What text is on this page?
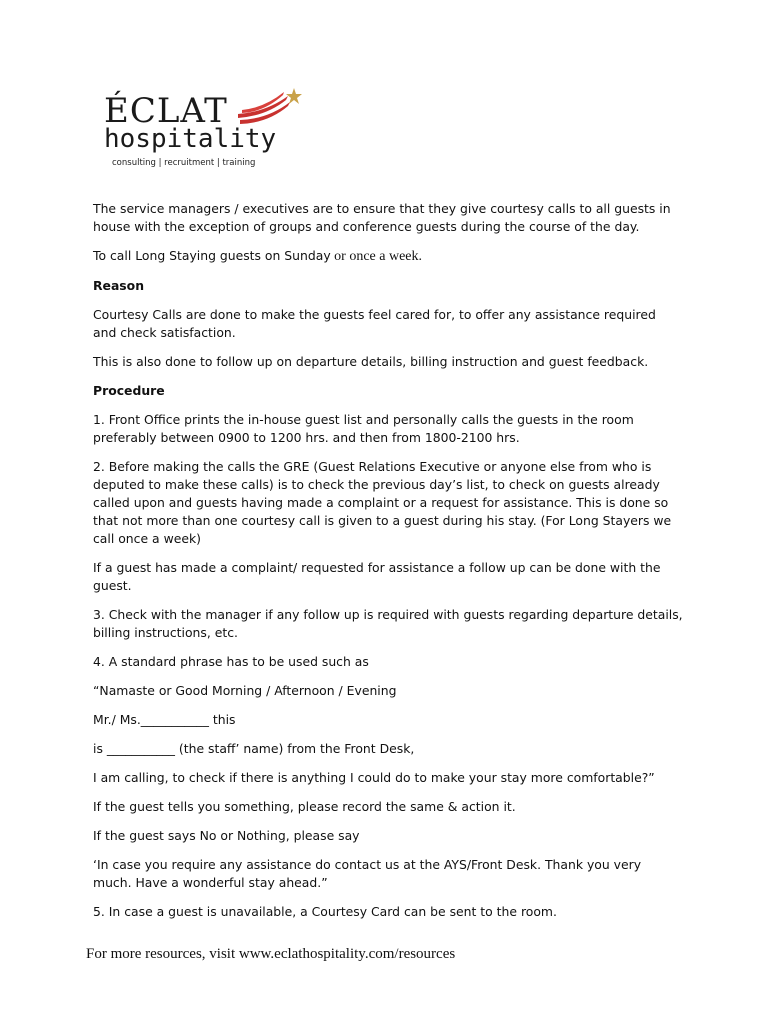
ÉCLAT
hospitality
consulting | recruitment | training

The service managers / executives are to ensure that they give courtesy calls to all guests in house with the exception of groups and conference guests during the course of the day.

To call Long Staying guests on Sunday or once a week.

Reason

Courtesy Calls are done to make the guests feel cared for, to offer any assistance required and check satisfaction.

This is also done to follow up on departure details, billing instruction and guest feedback.

Procedure

1. Front Office prints the in-house guest list and personally calls the guests in the room preferably between 0900 to 1200 hrs. and then from 1800-2100 hrs.

2. Before making the calls the GRE (Guest Relations Executive or anyone else from who is deputed to make these calls) is to check the previous day’s list, to check on guests already called upon and guests having made a complaint or a request for assistance. This is done so that not more than one courtesy call is given to a guest during his stay. (For Long Stayers we call once a week)

If a guest has made a complaint/ requested for assistance a follow up can be done with the guest.

3. Check with the manager if any follow up is required with guests regarding departure details, billing instructions, etc.

4. A standard phrase has to be used such as

“Namaste or Good Morning / Afternoon / Evening

Mr./ Ms.___________ this

is ___________ (the staff’ name) from the Front Desk,

I am calling, to check if there is anything I could do to make your stay more comfortable?”

If the guest tells you something, please record the same & action it.

If the guest says No or Nothing, please say

‘In case you require any assistance do contact us at the AYS/Front Desk. Thank you very much. Have a wonderful stay ahead.”

5. In case a guest is unavailable, a Courtesy Card can be sent to the room.

For more resources, visit www.eclathospitality.com/resources
